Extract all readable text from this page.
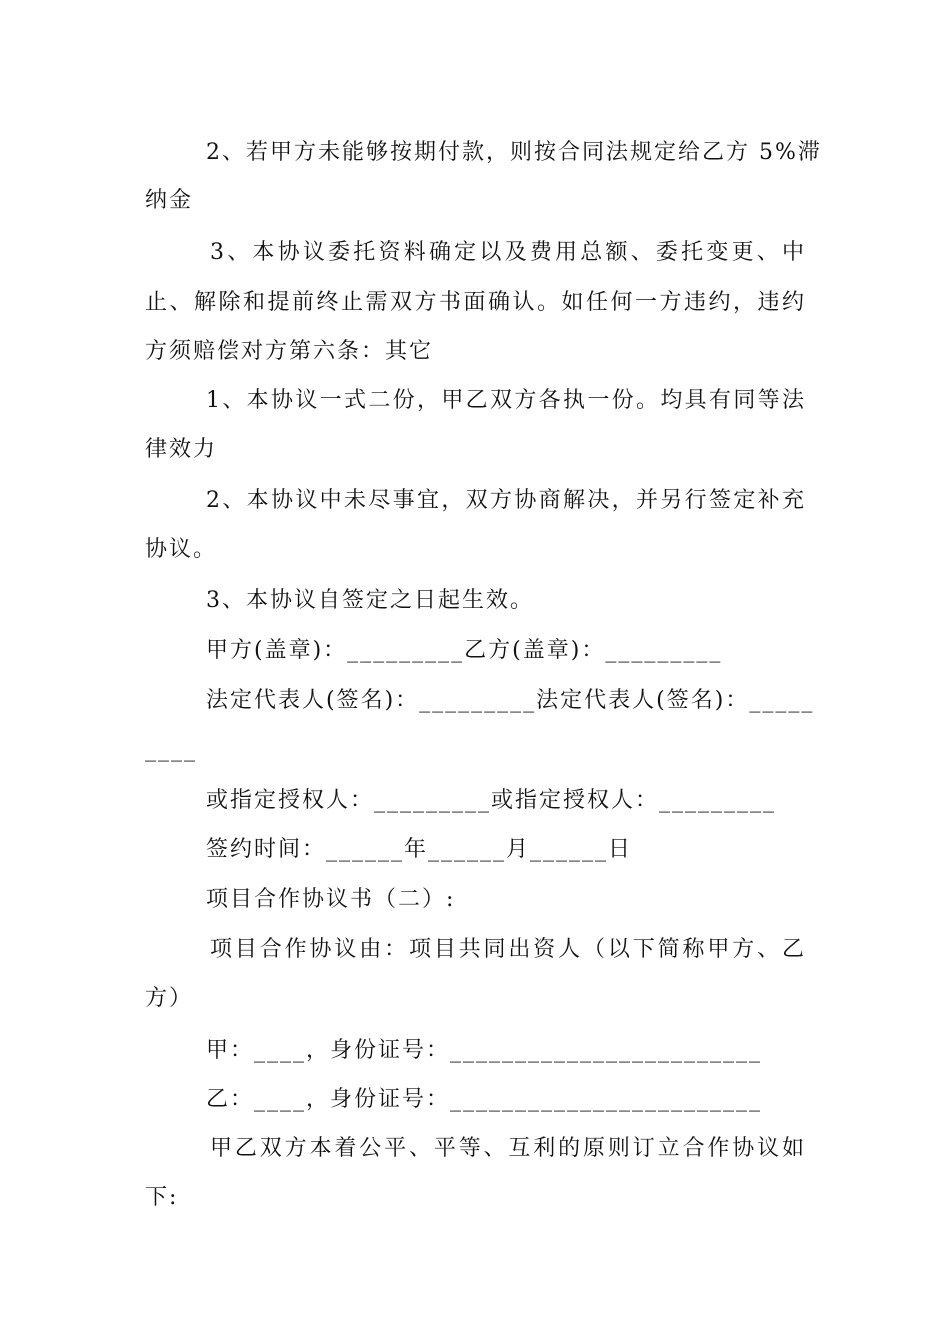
2、若甲方未能够按期付款，则按合同法规定给乙方 5%滞
纳金
3、本协议委托资料确定以及费用总额、委托变更、中
止、解除和提前终止需双方书面确认。如任何一方违约，违约
方须赔偿对方第六条：其它
1、本协议一式二份，甲乙双方各执一份。均具有同等法
律效力
2、本协议中未尽事宜，双方协商解决，并另行签定补充
协议。
3、本协议自签定之日起生效。
甲方(盖章)：_________乙方(盖章)：_________
法定代表人(签名)：_________法定代表人(签名)：_____
____
或指定授权人：_________或指定授权人：_________
签约时间：______年______月______日
项目合作协议书（二）:
项目合作协议由：项目共同出资人（以下简称甲方、乙
方）
甲：____，身份证号：________________________
乙：____，身份证号：________________________
甲乙双方本着公平、平等、互利的原则订立合作协议如
下:
